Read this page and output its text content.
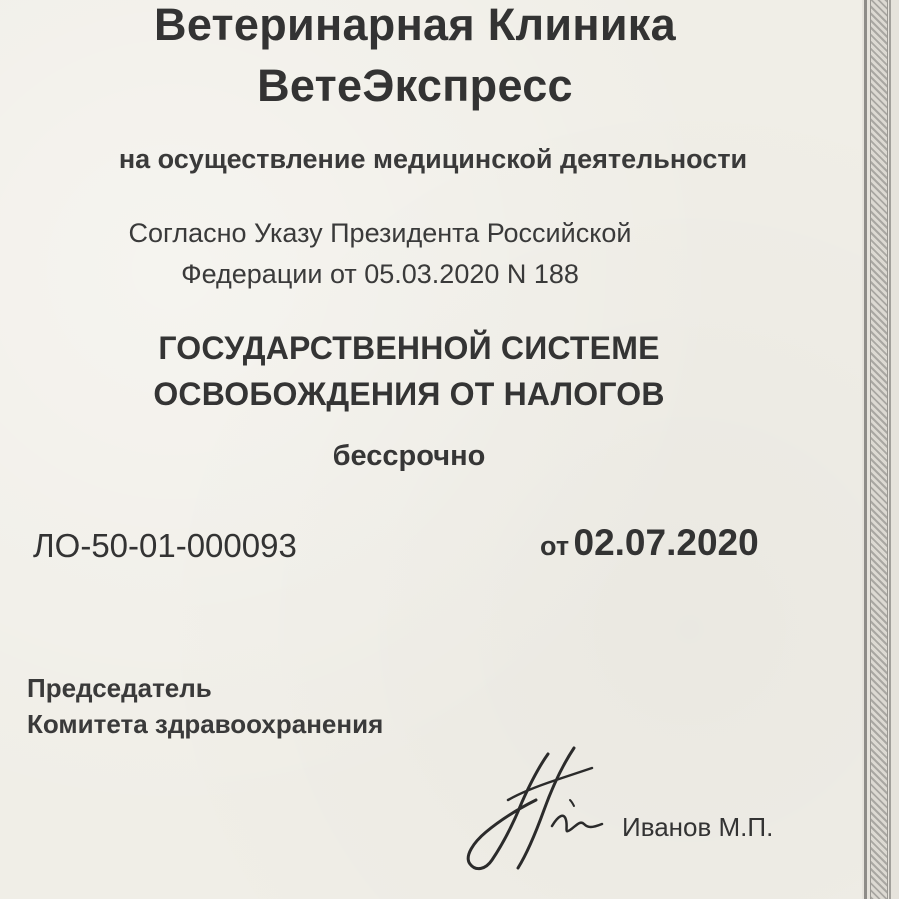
Ветеринарная Клиника
ВетеЭкспресс
на осуществление медицинской деятельности
Согласно Указу Президента Российской
Федерации от 05.03.2020 N 188
ГОСУДАРСТВЕННОЙ СИСТЕМЕ
ОСВОБОЖДЕНИЯ ОТ НАЛОГОВ
бессрочно
ЛО-50-01-000093	от 02.07.2020
Председатель
Комитета здравоохранения
Иванов М.П.
